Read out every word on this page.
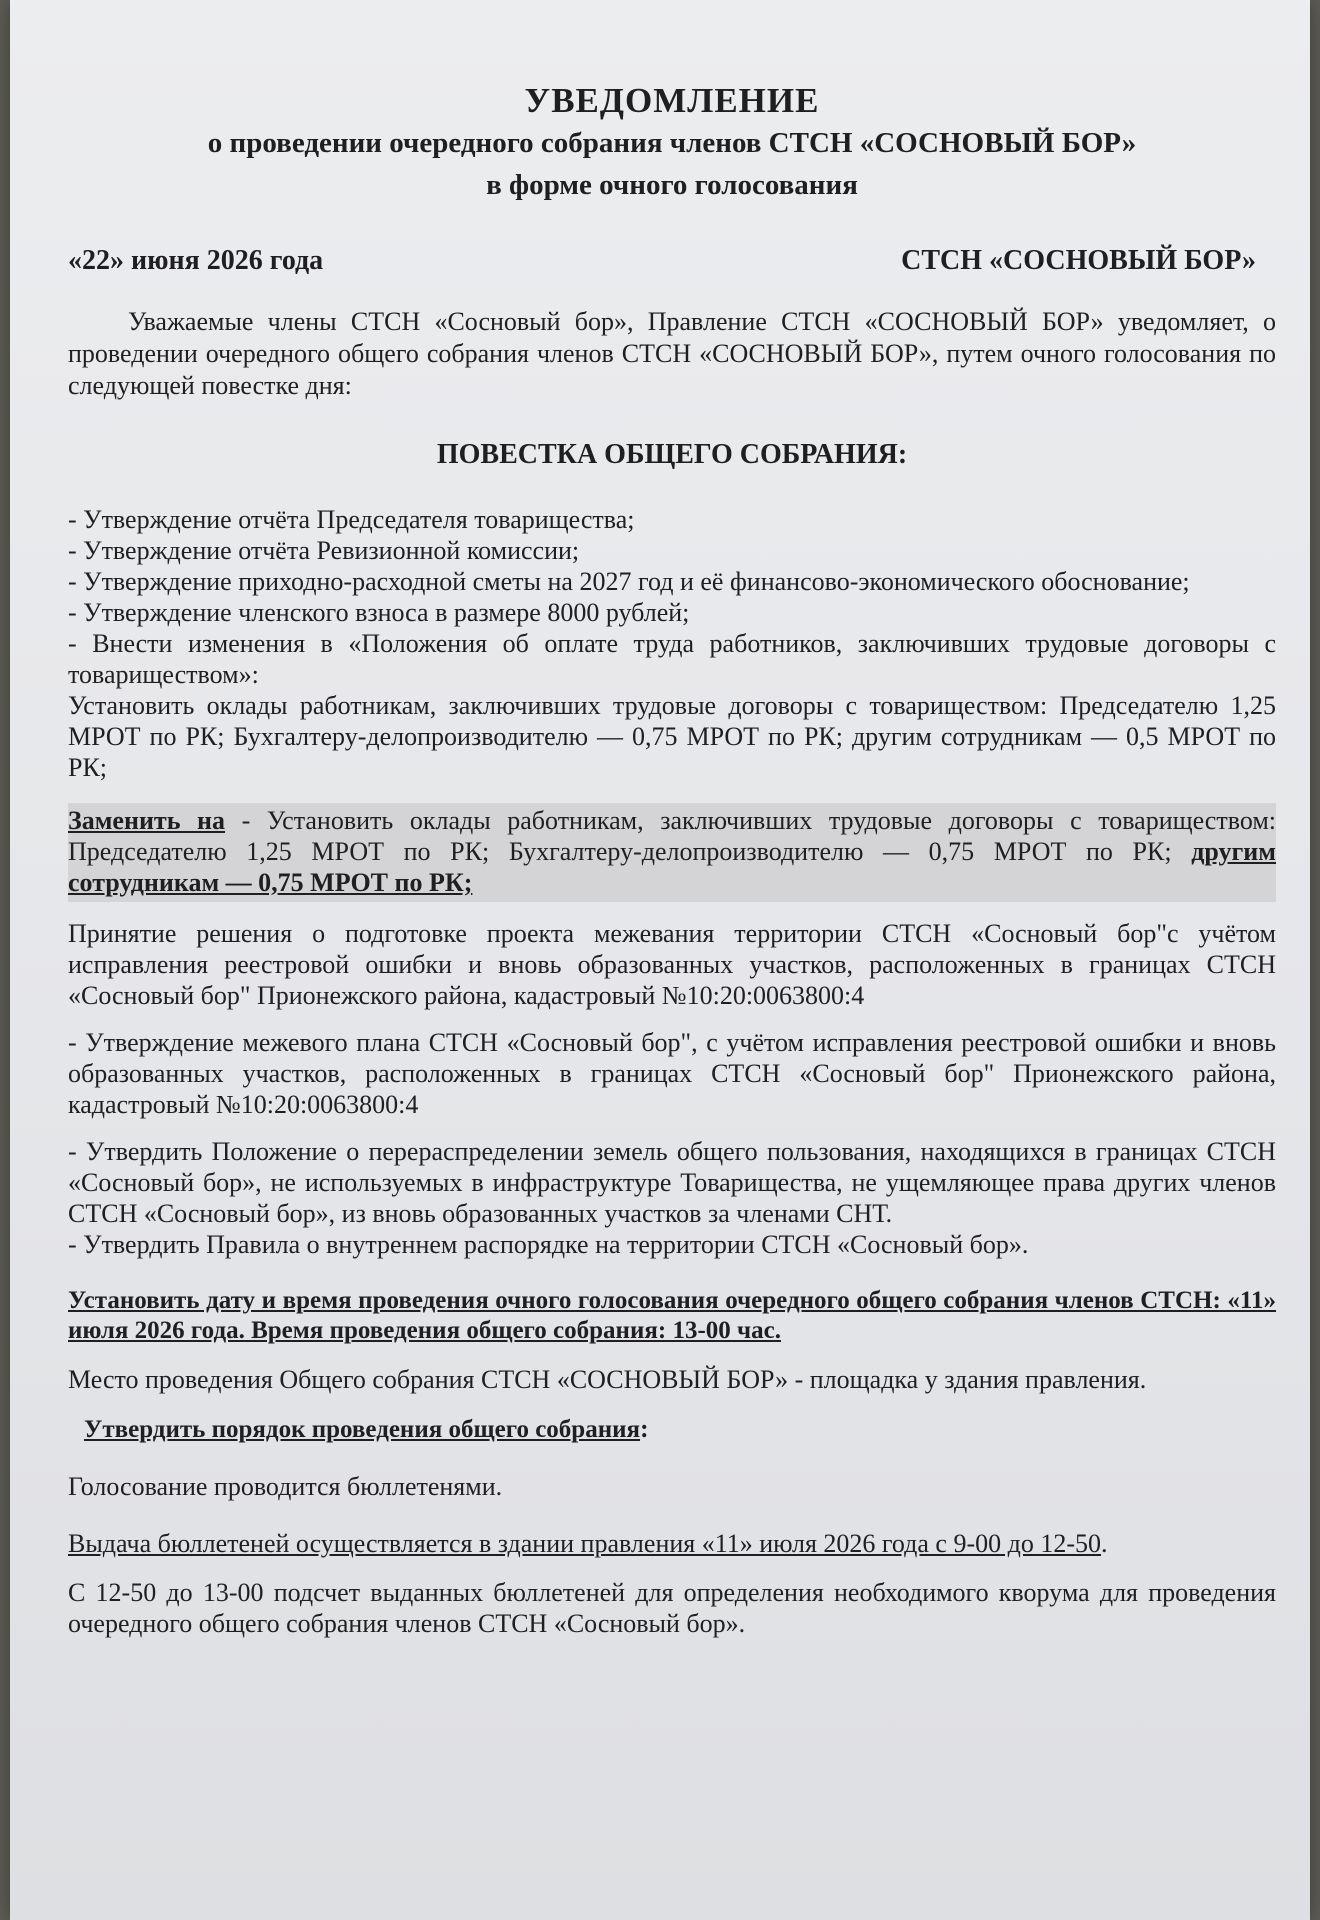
УВЕДОМЛЕНИЕ
о проведении очередного собрания членов СТСН «СОСНОВЫЙ БОР»
в форме очного голосования
«22» июня 2026 года	СТСН «СОСНОВЫЙ БОР»

Уважаемые члены СТСН «Сосновый бор», Правление СТСН «СОСНОВЫЙ БОР» уведомляет, о проведении очередного общего собрания членов СТСН «СОСНОВЫЙ БОР», путем очного голосования по следующей повестке дня:

ПОВЕСТКА ОБЩЕГО СОБРАНИЯ:

- Утверждение отчёта Председателя товарищества;

- Утверждение отчёта Ревизионной комиссии;

- Утверждение приходно-расходной сметы на 2027 год и её финансово-экономического обоснование;

- Утверждение членского взноса в размере 8000 рублей;

- Внести изменения в «Положения об оплате труда работников, заключивших трудовые договоры с товариществом»:

Установить оклады работникам, заключивших трудовые договоры с товариществом: Председателю 1,25 МРОТ по РК; Бухгалтеру-делопроизводителю — 0,75 МРОТ по РК; другим сотрудникам — 0,5 МРОТ по РК;

Заменить на - Установить оклады работникам, заключивших трудовые договоры с товариществом: Председателю 1,25 МРОТ по РК; Бухгалтеру-делопроизводителю — 0,75 МРОТ по РК; другим сотрудникам — 0,75 МРОТ по РК;

Принятие решения о подготовке проекта межевания территории СТСН «Сосновый бор"с учётом исправления реестровой ошибки и вновь образованных участков, расположенных в границах СТСН «Сосновый бор" Прионежского района, кадастровый №10:20:0063800:4

- Утверждение межевого плана СТСН «Сосновый бор", с учётом исправления реестровой ошибки и вновь образованных участков, расположенных в границах СТСН «Сосновый бор" Прионежского района, кадастровый №10:20:0063800:4

- Утвердить Положение о перераспределении земель общего пользования, находящихся в границах СТСН «Сосновый бор», не используемых в инфраструктуре Товарищества, не ущемляющее права других членов СТСН «Сосновый бор», из вновь образованных участков за членами СНТ.

- Утвердить Правила о внутреннем распорядке на территории СТСН «Сосновый бор».

Установить дату и время проведения очного голосования очередного общего собрания членов СТСН: «11» июля 2026 года. Время проведения общего собрания: 13-00 час.

Место проведения Общего собрания СТСН «СОСНОВЫЙ БОР» - площадка у здания правления.

Утвердить порядок проведения общего собрания:

Голосование проводится бюллетенями.

Выдача бюллетеней осуществляется в здании правления «11» июля 2026 года с 9-00 до 12-50.

С 12-50 до 13-00 подсчет выданных бюллетеней для определения необходимого кворума для проведения очередного общего собрания членов СТСН «Сосновый бор».
